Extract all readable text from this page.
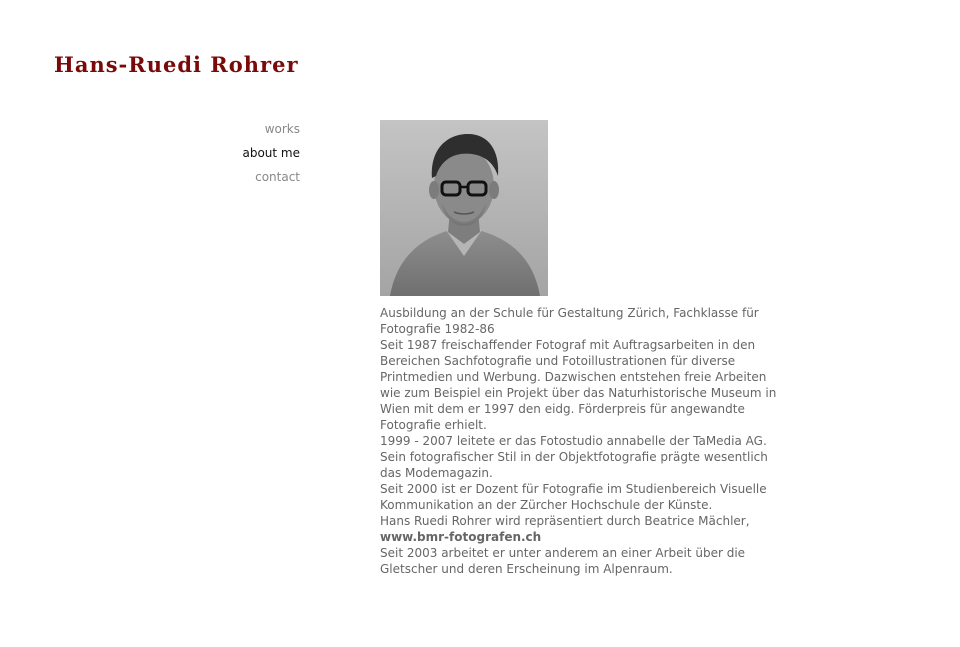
Hans-Ruedi Rohrer
works
about me
contact

Ausbildung an der Schule für Gestaltung Zürich, Fachklasse für Fotografie 1982-86

Seit 1987 freischaffender Fotograf mit Auftragsarbeiten in den Bereichen Sachfotografie und Fotoillustrationen für diverse Printmedien und Werbung. Dazwischen entstehen freie Arbeiten wie zum Beispiel ein Projekt über das Naturhistorische Museum in Wien mit dem er 1997 den eidg. Förderpreis für angewandte Fotografie erhielt.

1999 - 2007 leitete er das Fotostudio annabelle der TaMedia AG. Sein fotografischer Stil in der Objektfotografie prägte wesentlich das Modemagazin.

Seit 2000 ist er Dozent für Fotografie im Studienbereich Visuelle Kommunikation an der Zürcher Hochschule der Künste.

Hans Ruedi Rohrer wird repräsentiert durch Beatrice Mächler,

www.bmr-fotografen.ch

Seit 2003 arbeitet er unter anderem an einer Arbeit über die Gletscher und deren Erscheinung im Alpenraum.
